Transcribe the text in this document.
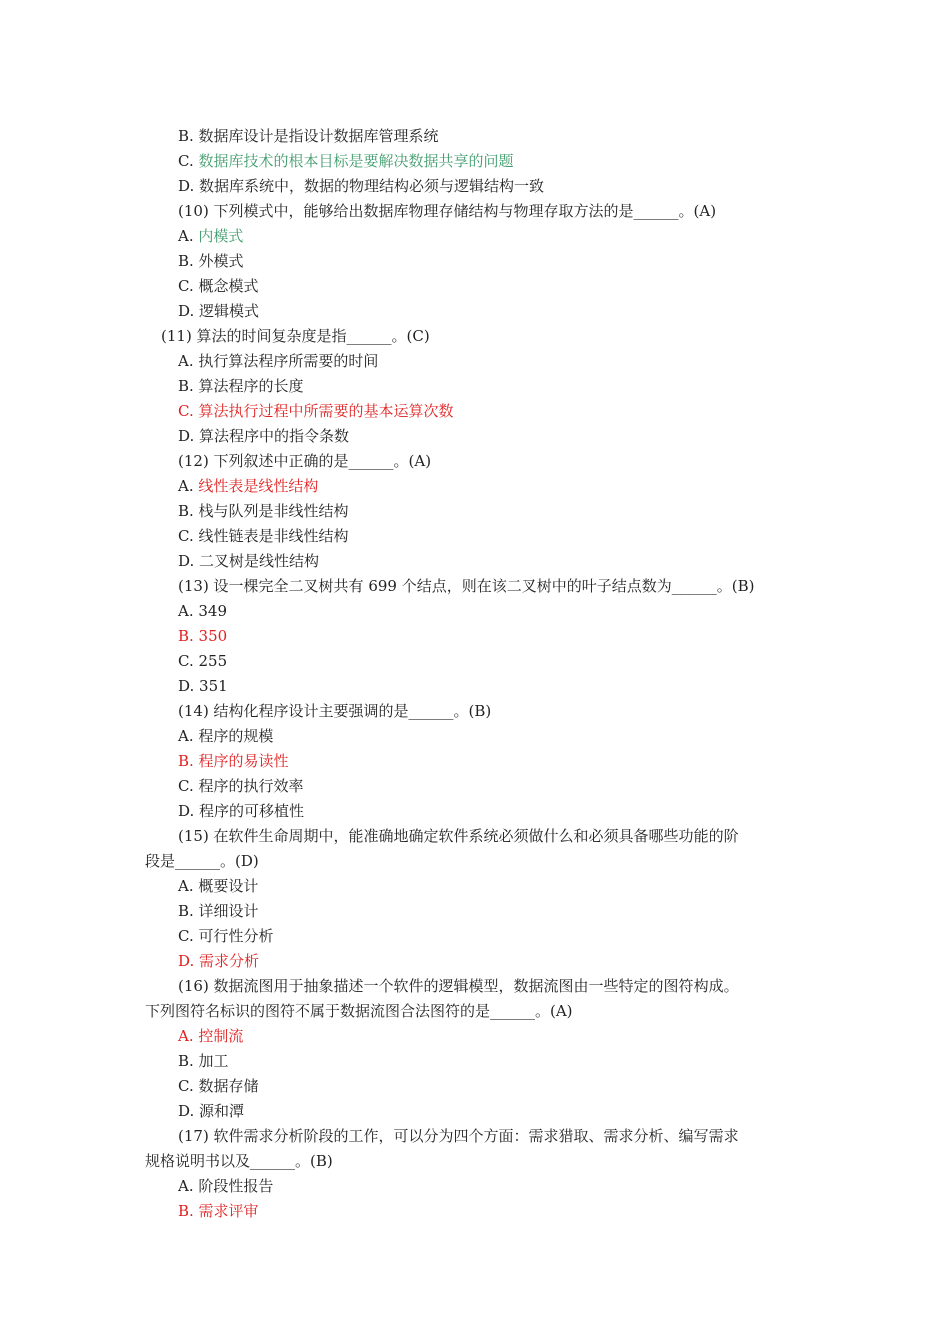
B. 数据库设计是指设计数据库管理系统
C. 数据库技术的根本目标是要解决数据共享的问题
D. 数据库系统中，数据的物理结构必须与逻辑结构一致
(10) 下列模式中，能够给出数据库物理存储结构与物理存取方法的是______。(A)
A. 内模式
B. 外模式
C. 概念模式
D. 逻辑模式
(11) 算法的时间复杂度是指______。(C)
A. 执行算法程序所需要的时间
B. 算法程序的长度
C. 算法执行过程中所需要的基本运算次数
D. 算法程序中的指令条数
(12) 下列叙述中正确的是______。(A)
A. 线性表是线性结构
B. 栈与队列是非线性结构
C. 线性链表是非线性结构
D. 二叉树是线性结构
(13) 设一棵完全二叉树共有 699 个结点，则在该二叉树中的叶子结点数为______。(B)
A. 349
B. 350
C. 255
D. 351
(14) 结构化程序设计主要强调的是______。(B)
A. 程序的规模
B. 程序的易读性
C. 程序的执行效率
D. 程序的可移植性
(15) 在软件生命周期中，能准确地确定软件系统必须做什么和必须具备哪些功能的阶
段是______。(D)
A. 概要设计
B. 详细设计
C. 可行性分析
D. 需求分析
(16) 数据流图用于抽象描述一个软件的逻辑模型，数据流图由一些特定的图符构成。
下列图符名标识的图符不属于数据流图合法图符的是______。(A)
A. 控制流
B. 加工
C. 数据存储
D. 源和潭
(17) 软件需求分析阶段的工作，可以分为四个方面：需求猎取、需求分析、编写需求
规格说明书以及______。(B)
A. 阶段性报告
B. 需求评审
